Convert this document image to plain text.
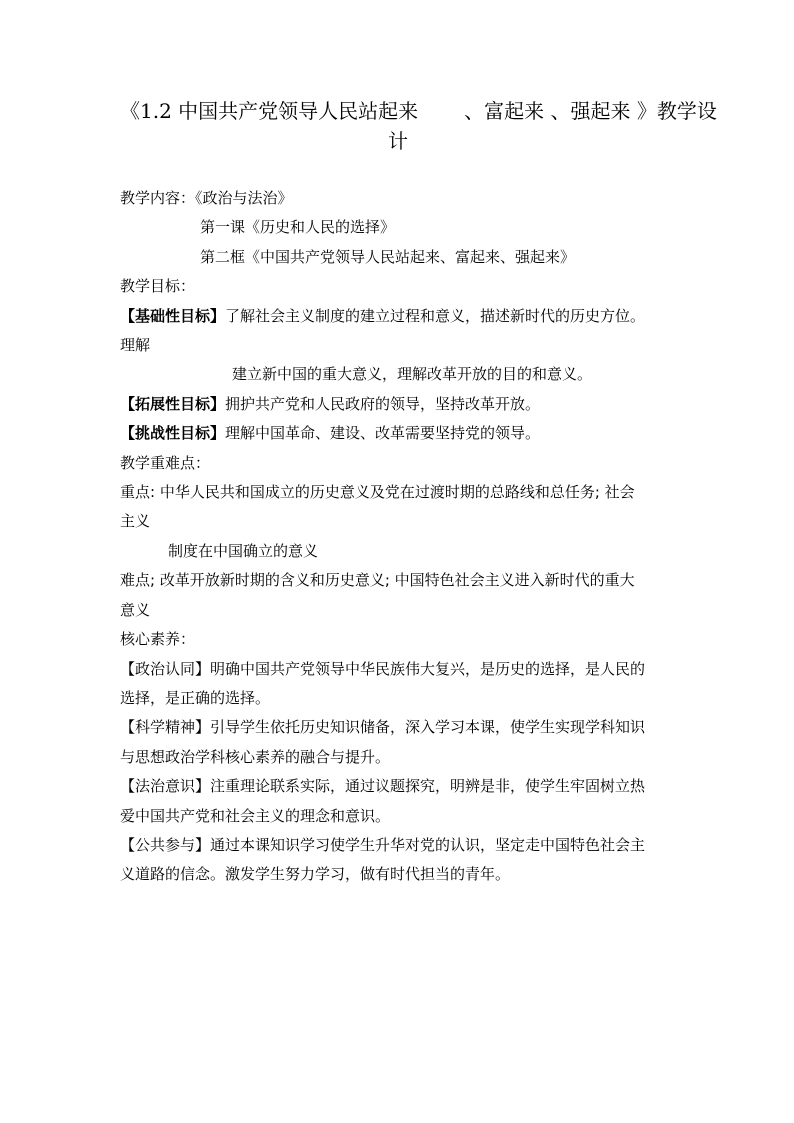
《1.2 中国共产党领导人民站起来 、富起来 、强起来 》教学设
计
教学内容：《政治与法治》
第一课《历史和人民的选择》
第二框《中国共产党领导人民站起来、富起来、强起来》
教学目标：
【基础性目标】了解社会主义制度的建立过程和意义，描述新时代的历史方位。
理解
建立新中国的重大意义，理解改革开放的目的和意义。
【拓展性目标】拥护共产党和人民政府的领导，坚持改革开放。
【挑战性目标】理解中国革命、建设、改革需要坚持党的领导。
教学重难点：
重点: 中华人民共和国成立的历史意义及党在过渡时期的总路线和总任务; 社会
主义
制度在中国确立的意义
难点; 改革开放新时期的含义和历史意义; 中国特色社会主义进入新时代的重大
意义
核心素养：
【政治认同】明确中国共产党领导中华民族伟大复兴，是历史的选择，是人民的
选择，是正确的选择。
【科学精神】引导学生依托历史知识储备，深入学习本课，使学生实现学科知识
与思想政治学科核心素养的融合与提升。
【法治意识】注重理论联系实际，通过议题探究，明辨是非，使学生牢固树立热
爱中国共产党和社会主义的理念和意识。
【公共参与】通过本课知识学习使学生升华对党的认识，坚定走中国特色社会主
义道路的信念。激发学生努力学习，做有时代担当的青年。
